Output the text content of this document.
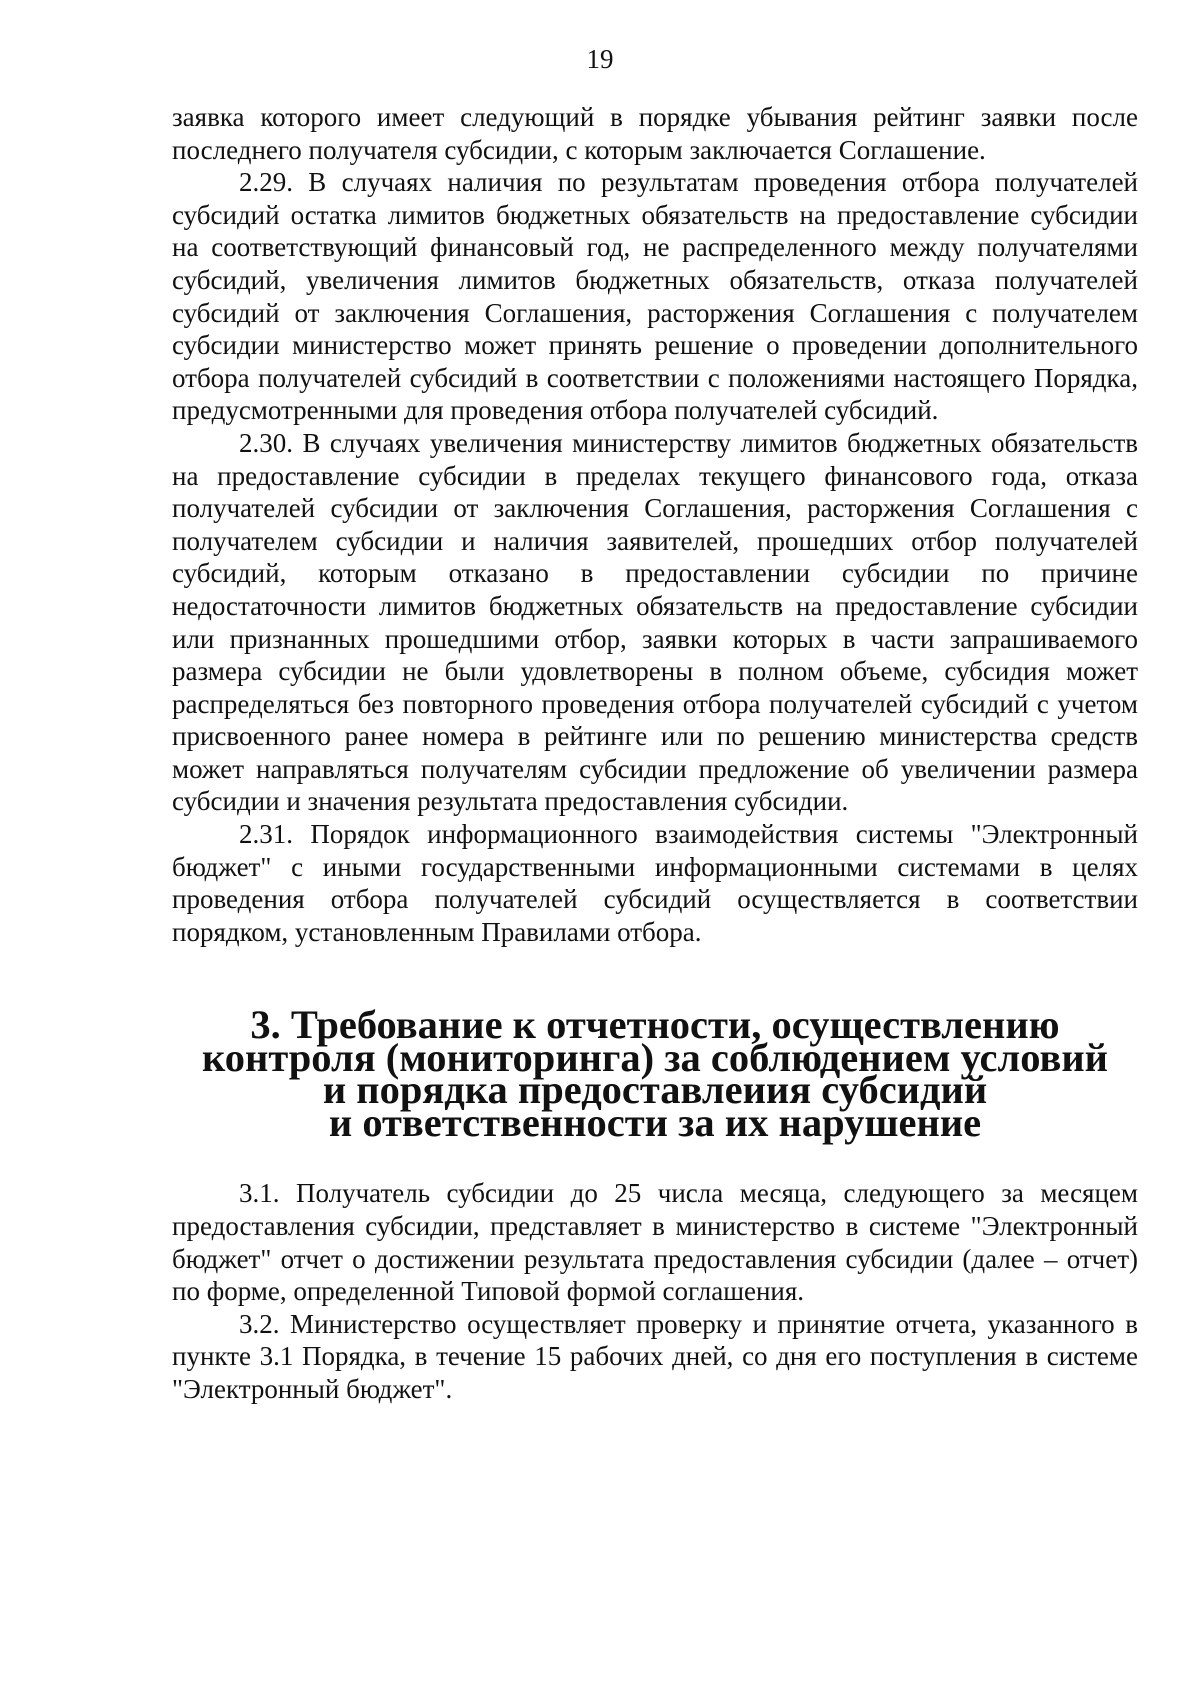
19

заявка которого имеет следующий в порядке убывания рейтинг заявки после последнего получателя субсидии, с которым заключается Соглашение.

2.29. В случаях наличия по результатам проведения отбора получателей субсидий остатка лимитов бюджетных обязательств на предоставление субсидии на соответствующий финансовый год, не распределенного между получателями субсидий, увеличения лимитов бюджетных обязательств, отказа получателей субсидий от заключения Соглашения, расторжения Соглашения с получателем субсидии министерство может принять решение о проведении дополнительного отбора получателей субсидий в соответствии с положениями настоящего Порядка, предусмотренными для проведения отбора получателей субсидий.

2.30. В случаях увеличения министерству лимитов бюджетных обязательств на предоставление субсидии в пределах текущего финансового года, отказа получателей субсидии от заключения Соглашения, расторжения Соглашения с получателем субсидии и наличия заявителей, прошедших отбор получателей субсидий, которым отказано в предоставлении субсидии по причине недостаточности лимитов бюджетных обязательств на предоставление субсидии или признанных прошедшими отбор, заявки которых в части запрашиваемого размера субсидии не были удовлетворены в полном объеме, субсидия может распределяться без повторного проведения отбора получателей субсидий с учетом присвоенного ранее номера в рейтинге или по решению министерства средств может направляться получателям субсидии предложение об увеличении размера субсидии и значения результата предоставления субсидии.

2.31. Порядок информационного взаимодействия системы "Электронный бюджет" с иными государственными информационными системами в целях проведения отбора получателей субсидий осуществляется в соответствии порядком, установленным Правилами отбора.

3. Требование к отчетности, осуществлению
контроля (мониторинга) за соблюдением условий
и порядка предоставлеиия субсидий
и ответственности за их нарушение

3.1. Получатель субсидии до 25 числа месяца, следующего за месяцем предоставления субсидии, представляет в министерство в системе "Электронный бюджет" отчет о достижении результата предоставления субсидии (далее – отчет) по форме, определенной Типовой формой соглашения.

3.2. Министерство осуществляет проверку и принятие отчета, указанного в пункте 3.1 Порядка, в течение 15 рабочих дней, со дня его поступления в системе "Электронный бюджет".
